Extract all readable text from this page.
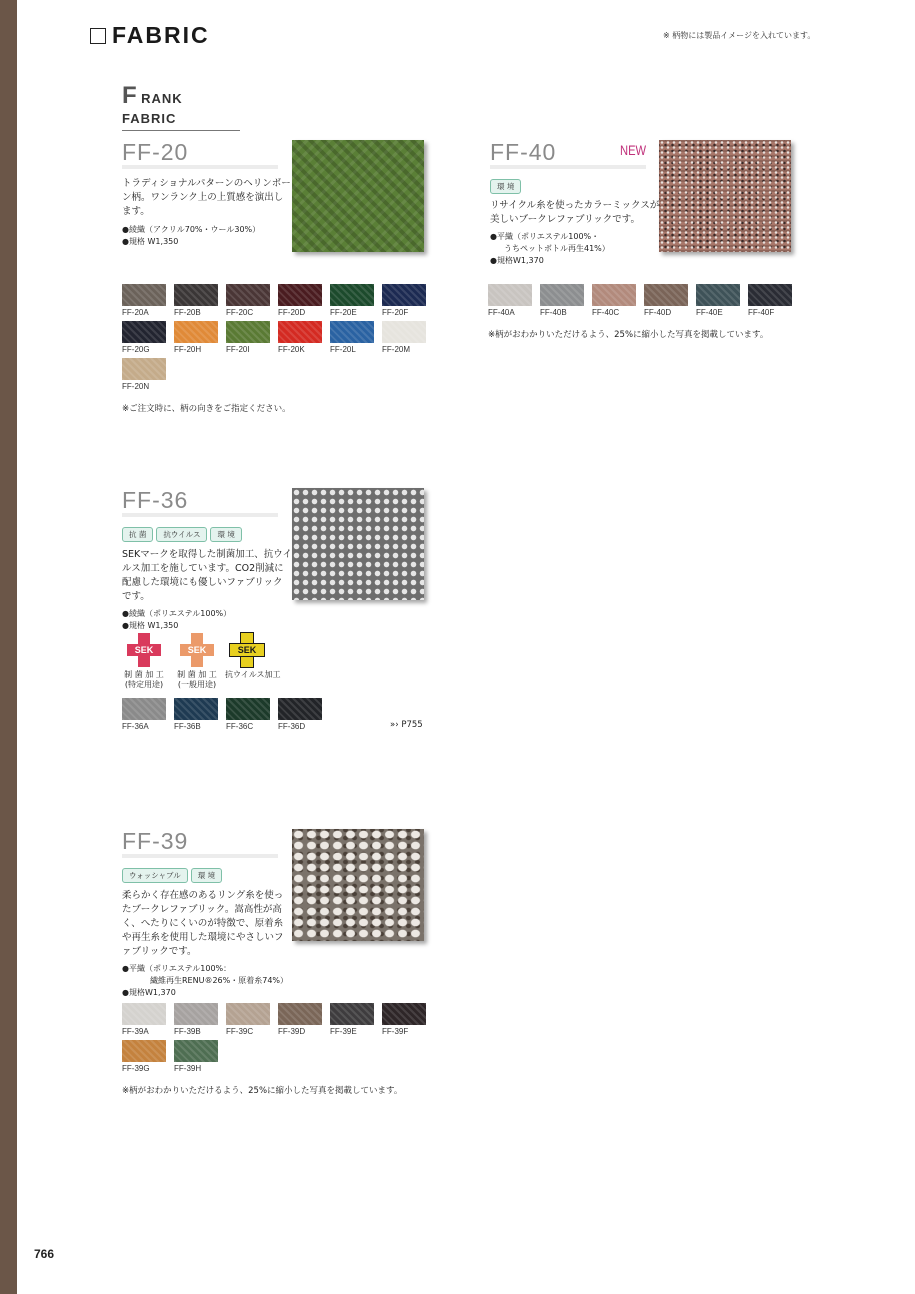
FABRIC	※ 柄物には製品イメージを入れています。
F RANK FABRIC
FF-20
トラディショナルパターンのヘリンボーン柄。ワンランク上の上質感を演出します。
●綾織（アクリル70%・ウール30%）
●規格 W1,350
FF-20A	FF-20B	FF-20C	FF-20D	FF-20E	FF-20F
FF-20G	FF-20H	FF-20I	FF-20K	FF-20L	FF-20M
FF-20N
※ご注文時に、柄の向きをご指定ください。
FF-40	NEW
環 境
リサイクル糸を使ったカラーミックスが美しいブークレファブリックです。
●平織（ポリエステル100%・
うちペットボトル再生41%）
●規格W1,370
FF-40A	FF-40B	FF-40C	FF-40D	FF-40E	FF-40F
※柄がおわかりいただけるよう、25%に縮小した写真を掲載しています。
FF-36
抗 菌	抗ウイルス	環 境
SEKマークを取得した制菌加工、抗ウイルス加工を施しています。CO2削減に配慮した環境にも優しいファブリックです。
●綾織（ポリエステル100%）
●規格 W1,350
SEK
制 菌 加 工
(特定用途)
SEK
制 菌 加 工
(一般用途)
SEK
抗ウイルス加工
FF-36A	FF-36B	FF-36C	FF-36D	»› P755
FF-39
ウォッシャブル	環 境
柔らかく存在感のあるリング糸を使ったブークレファブリック。嵩高性が高く、へたりにくいのが特徴で、原着糸や再生糸を使用した環境にやさしいファブリックです。
●平織（ポリエステル100%：
繊維再生RENU®26%・原着糸74%）
●規格W1,370
FF-39A	FF-39B	FF-39C	FF-39D	FF-39E	FF-39F
FF-39G	FF-39H
※柄がおわかりいただけるよう、25%に縮小した写真を掲載しています。
766
